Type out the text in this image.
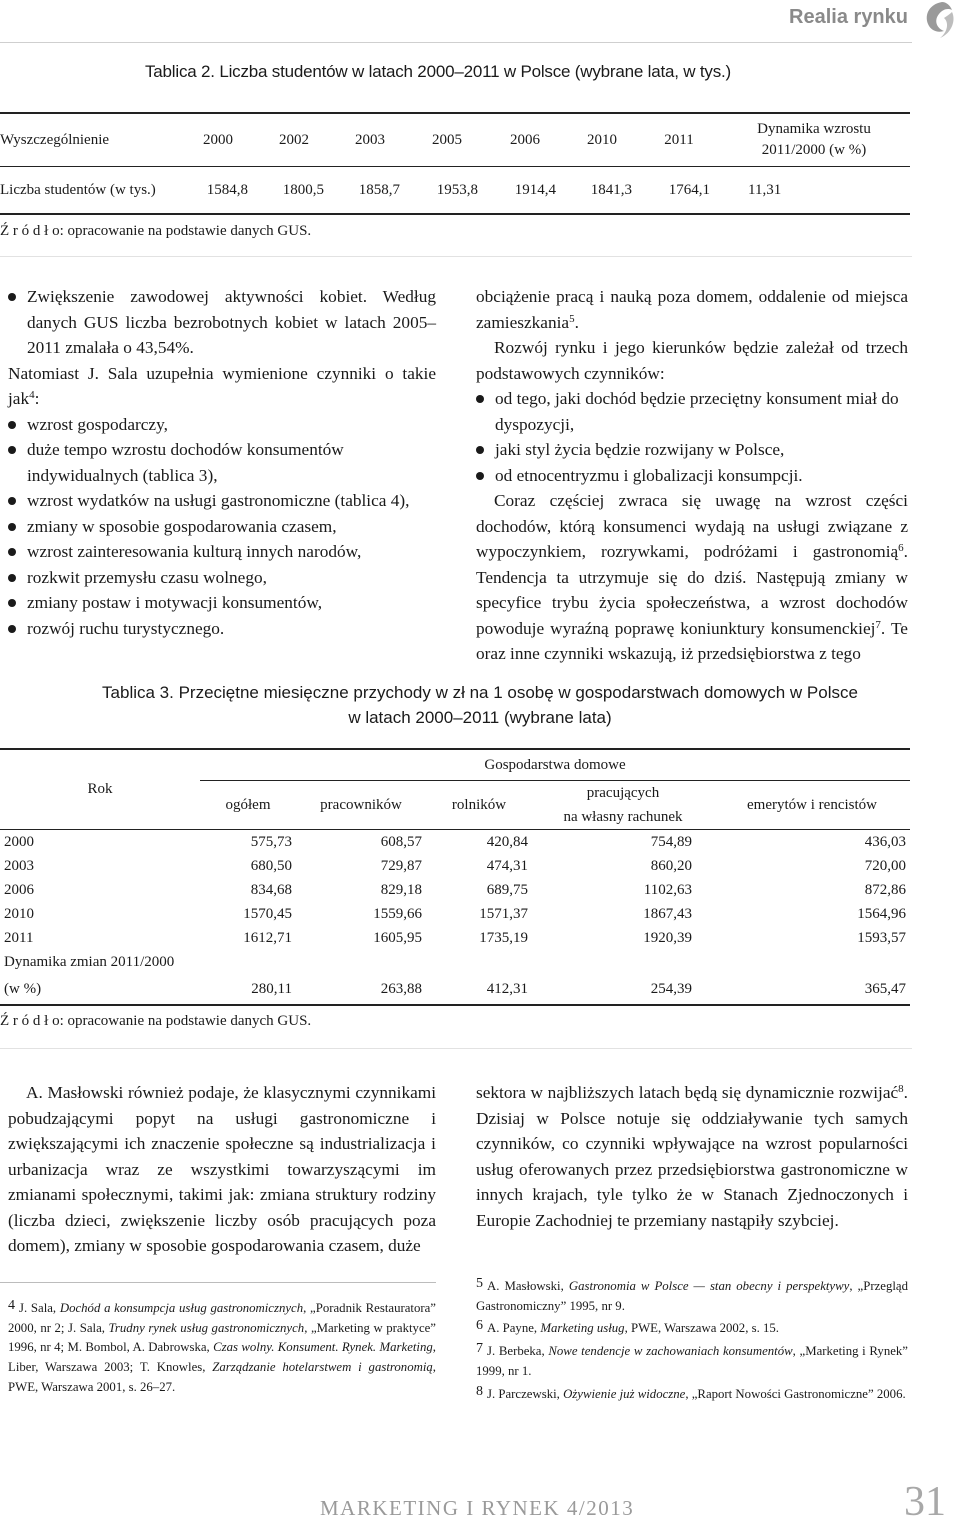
Realia rynku
Tablica 2. Liczba studentów w latach 2000–2011 w Polsce (wybrane lata, w tys.)
Wyszczególnienie	2000	2002	2003	2005	2006	2010	2011	Dynamika wzrostu
2011/2000 (w %)

Liczba studentów (w tys.)	1584,8	1800,5	1858,7	1953,8	1914,4	1841,3	1764,1	11,31
Ź r ó d ł o: opracowanie na podstawie danych GUS.
Zwiększenie zawodowej aktywności kobiet. Według danych GUS liczba bezrobotnych kobiet w latach 2005–2011 zmalała o 43,54%.

Natomiast J. Sala uzupełnia wymienione czynniki o takie jak$^4$:

wzrost gospodarczy,
duże tempo wzrostu dochodów konsumentów indywidualnych (tablica 3),
wzrost wydatków na usługi gastronomiczne (tablica 4),
zmiany w sposobie gospodarowania czasem,
wzrost zainteresowania kulturą innych narodów,
rozkwit przemysłu czasu wolnego,
zmiany postaw i motywacji konsumentów,
rozwój ruchu turystycznego.

obciążenie pracą i nauką poza domem, oddalenie od miejsca zamieszkania$^5$.

Rozwój rynku i jego kierunków będzie zależał od trzech podstawowych czynników:

od tego, jaki dochód będzie przeciętny konsument miał do dyspozycji,
jaki styl życia będzie rozwijany w Polsce,
od etnocentryzmu i globalizacji konsumpcji.

Coraz częściej zwraca się uwagę na wzrost części dochodów, którą konsumenci wydają na usługi związane z wypoczynkiem, rozrywkami, podróżami i gastronomią$^6$. Tendencja ta utrzymuje się do dziś. Następują zmiany w specyfice trybu życia społeczeństwa, a wzrost dochodów powoduje wyraźną poprawę koniunktury konsumenckiej$^7$. Te oraz inne czynniki wskazują, iż przedsiębiorstwa z tego

Tablica 3. Przeciętne miesięczne przychody w zł na 1 osobę w gospodarstwach domowych w Polsce
w latach 2000–2011 (wybrane lata)
Rok	Gospodarstwa domowe				
	ogółem	pracowników	rolników	pracujących
na własny rachunek	emerytów i rencistów
2000	575,73	608,57	420,84	754,89	436,03
2003	680,50	729,87	474,31	860,20	720,00
2006	834,68	829,18	689,75	1102,63	872,86
2010	1570,45	1559,66	1571,37	1867,43	1564,96
2011	1612,71	1605,95	1735,19	1920,39	1593,57
Dynamika zmian 2011/2000					
(w %)	280,11	263,88	412,31	254,39	365,47
Ź r ó d ł o: opracowanie na podstawie danych GUS.

A. Masłowski również podaje, że klasycznymi czynnikami pobudzającymi popyt na usługi gastronomiczne i zwiększającymi ich znaczenie społeczne są industrializacja i urbanizacja wraz ze wszystkimi towarzyszącymi im zmianami społecznymi, takimi jak: zmiana struktury rodziny (liczba dzieci, zwiększenie liczby osób pracujących poza domem), zmiany w sposobie gospodarowania czasem, duże

sektora w najbliższych latach będą się dynamicznie rozwijać$^8$. Dzisiaj w Polsce notuje się oddziaływanie tych samych czynników, co czynniki wpływające na wzrost popularności usług oferowanych przez przedsiębiorstwa gastronomiczne w innych krajach, tyle tylko że w Stanach Zjednoczonych i Europie Zachodniej te przemiany nastąpiły szybciej.

4 J. Sala, Dochód a konsumpcja usług gastronomicznych, „Poradnik Restauratora” 2000, nr 2; J. Sala, Trudny rynek usług gastronomicznych, „Marketing w praktyce” 1996, nr 4; M. Bombol, A. Dabrowska, Czas wolny. Konsument. Rynek. Marketing, Liber, Warszawa 2003; T. Knowles, Zarządzanie hotelarstwem i gastronomią, PWE, Warszawa 2001, s. 26–27.

5 A. Masłowski, Gastronomia w Polsce — stan obecny i perspektywy, „Przegląd Gastronomiczny” 1995, nr 9.

6 A. Payne, Marketing usług, PWE, Warszawa 2002, s. 15.

7 J. Berbeka, Nowe tendencje w zachowaniach konsumentów, „Marketing i Rynek” 1999, nr 1.

8 J. Parczewski, Ożywienie już widoczne, „Raport Nowości Gastronomiczne” 2006.

MARKETING I RYNEK 4/2013	31
